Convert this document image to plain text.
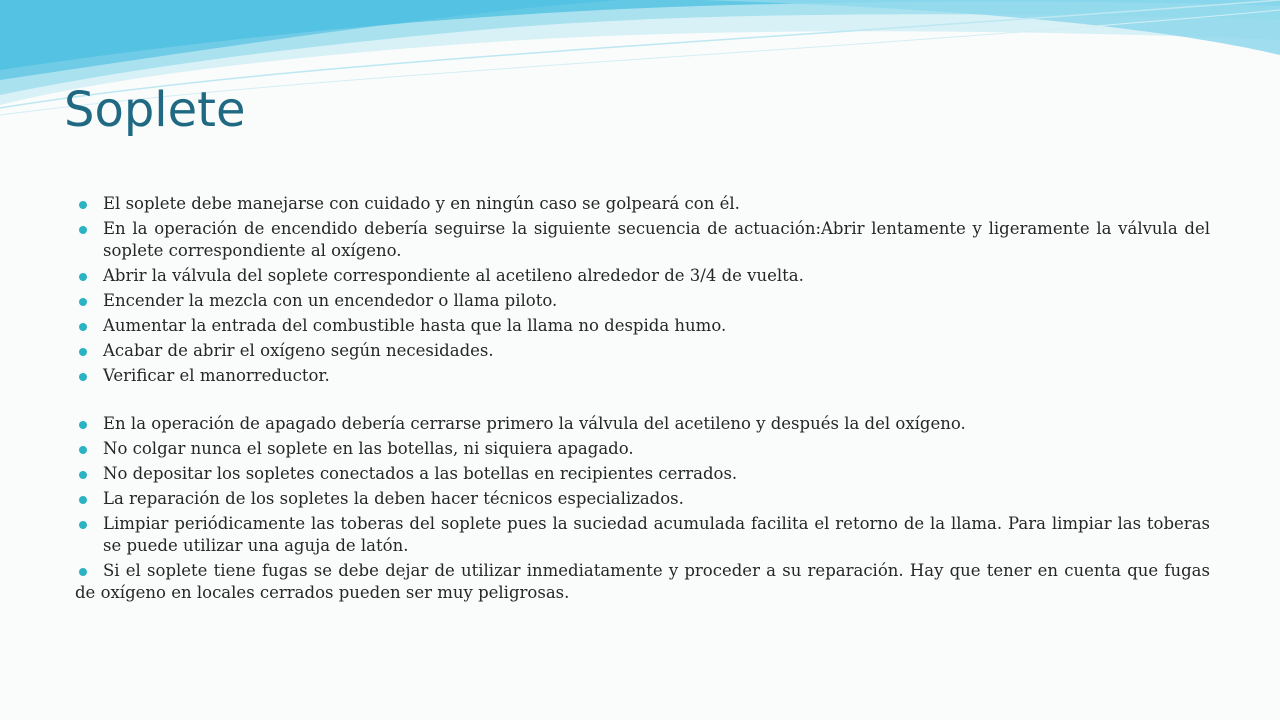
Soplete
El soplete debe manejarse con cuidado y en ningún caso se golpeará con él.
En la operación de encendido debería seguirse la siguiente secuencia de actuación:Abrir lentamente y ligeramente la válvula del soplete correspondiente al oxígeno.
Abrir la válvula del soplete correspondiente al acetileno alrededor de 3/4 de vuelta.
Encender la mezcla con un encendedor o llama piloto.
Aumentar la entrada del combustible hasta que la llama no despida humo.
Acabar de abrir el oxígeno según necesidades.
Verificar el manorreductor.
En la operación de apagado debería cerrarse primero la válvula del acetileno y después la del oxígeno.
No colgar nunca el soplete en las botellas, ni siquiera apagado.
No depositar los sopletes conectados a las botellas en recipientes cerrados.
La reparación de los sopletes la deben hacer técnicos especializados.
Limpiar periódicamente las toberas del soplete pues la suciedad acumulada facilita el retorno de la llama. Para limpiar las toberas se puede utilizar una aguja de latón.
Si el soplete tiene fugas se debe dejar de utilizar inmediatamente y proceder a su reparación. Hay que tener en cuenta que fugas de oxígeno en locales cerrados pueden ser muy peligrosas.
